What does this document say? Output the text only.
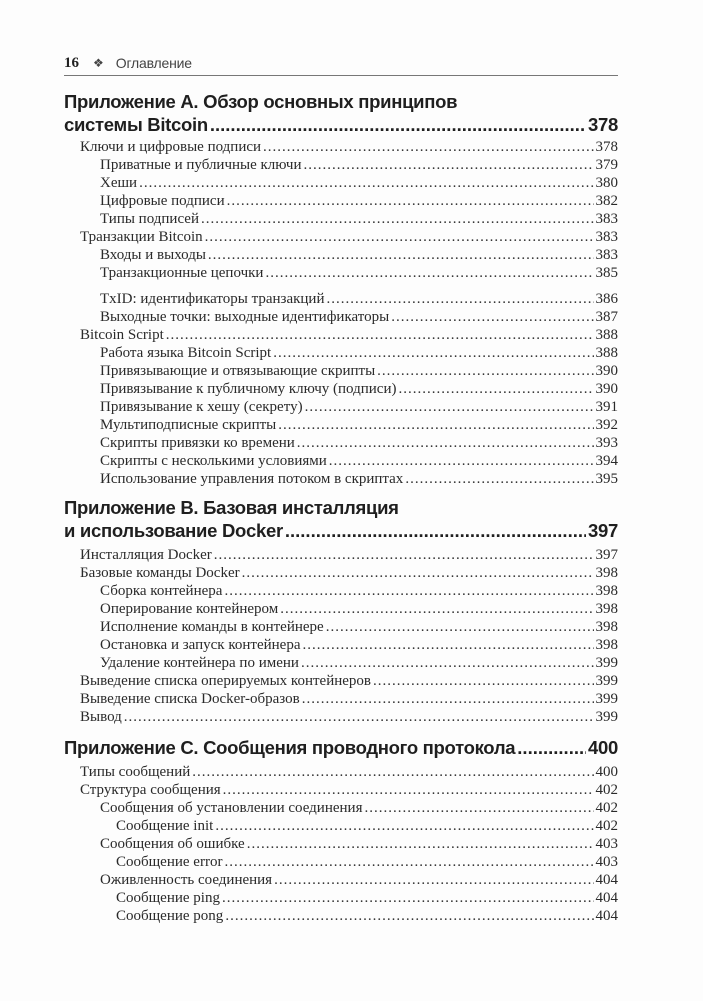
16 ❖ Оглавление
Приложение A. Обзор основных принципов
системы Bitcoin .....	378
Ключи и цифровые подписи .....	378
Приватные и публичные ключи .....	379
Хеши .....	380
Цифровые подписи .....	382
Типы подписей .....	383
Транзакции Bitcoin .....	383
Входы и выходы .....	383
Транзакционные цепочки .....	385
TxID: идентификаторы транзакций .....	386
Выходные точки: выходные идентификаторы .....	387
Bitcoin Script .....	388
Работа языка Bitcoin Script .....	388
Привязывающие и отвязывающие скрипты .....	390
Привязывание к публичному ключу (подписи) .....	390
Привязывание к хешу (секрету) .....	391
Мультиподписные скрипты .....	392
Скрипты привязки ко времени .....	393
Скрипты с несколькими условиями .....	394
Использование управления потоком в скриптах .....	395
Приложение B. Базовая инсталляция
и использование Docker .....	397
Инсталляция Docker .....	397
Базовые команды Docker .....	398
Сборка контейнера .....	398
Оперирование контейнером .....	398
Исполнение команды в контейнере .....	398
Остановка и запуск контейнера .....	398
Удаление контейнера по имени .....	399
Выведение списка оперируемых контейнеров .....	399
Выведение списка Docker-образов .....	399
Вывод .....	399
Приложение C. Сообщения проводного протокола .....	400
Типы сообщений .....	400
Структура сообщения .....	402
Сообщения об установлении соединения .....	402
Сообщение init .....	402
Сообщения об ошибке .....	403
Сообщение error .....	403
Оживленность соединения .....	404
Сообщение ping .....	404
Сообщение pong .....	404
